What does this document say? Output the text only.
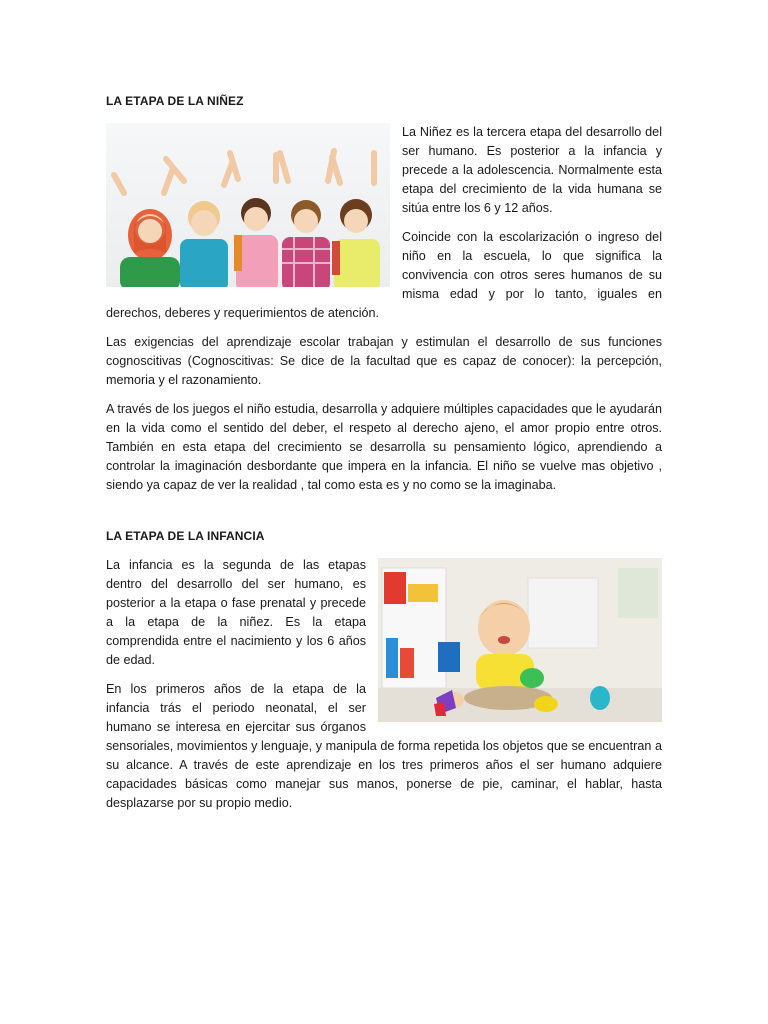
LA ETAPA DE LA NIÑEZ

La Niñez es la tercera etapa del desarrollo del ser humano. Es posterior a la infancia y precede a la adolescencia. Normalmente esta etapa del crecimiento de la vida humana se sitúa entre los 6 y 12 años.

Coincide con la escolarización o ingreso del niño en la escuela, lo que significa la convivencia con otros seres humanos de su misma edad y por lo tanto, iguales en derechos, deberes y requerimientos de atención.

Las exigencias del aprendizaje escolar trabajan y estimulan el desarrollo de sus funciones cognoscitivas (Cognoscitivas: Se dice de la facultad que es capaz de conocer): la percepción, memoria y el razonamiento.

A través de los juegos el niño estudia, desarrolla y adquiere múltiples capacidades que le ayudarán en la vida como el sentido del deber, el respeto al derecho ajeno, el amor propio entre otros. También en esta etapa del crecimiento se desarrolla su pensamiento lógico, aprendiendo a controlar la imaginación desbordante que impera en la infancia. El niño se vuelve mas objetivo , siendo ya capaz de ver la realidad , tal como esta es y no como se la imaginaba.

LA ETAPA DE LA INFANCIA

La infancia es la segunda de las etapas dentro del desarrollo del ser humano, es posterior a la etapa o fase prenatal y precede a la etapa de la niñez. Es la etapa comprendida entre el nacimiento y los 6 años de edad.

En los primeros años de la etapa de la infancia trás el periodo neonatal, el ser humano se interesa en ejercitar sus órganos sensoriales, movimientos y lenguaje, y manipula de forma repetida los objetos que se encuentran a su alcance. A través de este aprendizaje en los tres primeros años el ser humano adquiere capacidades básicas como manejar sus manos, ponerse de pie, caminar, el hablar, hasta desplazarse por su propio medio.
